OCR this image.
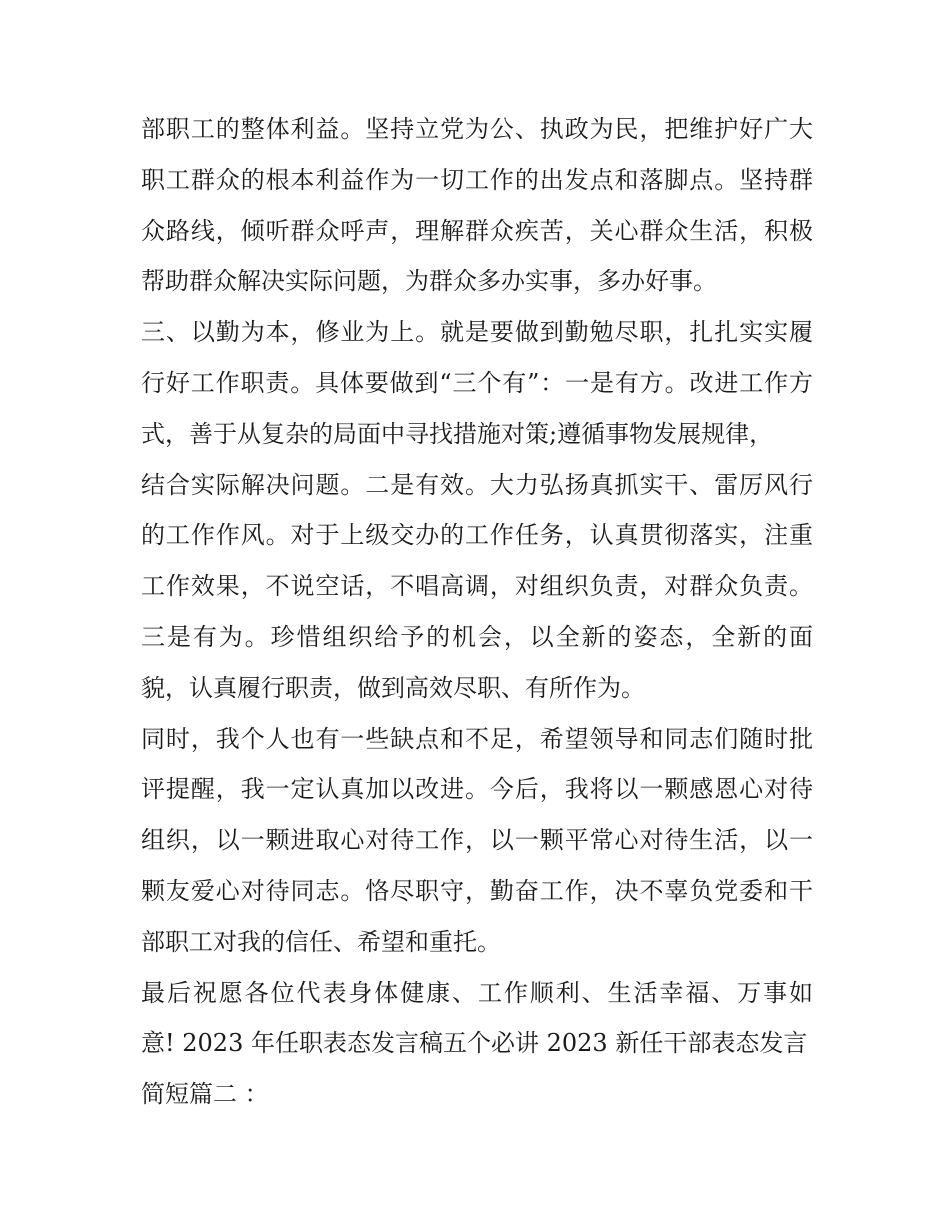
部职工的整体利益。坚持立党为公、执政为民，把维护好广大
职工群众的根本利益作为一切工作的出发点和落脚点。坚持群
众路线，倾听群众呼声，理解群众疾苦，关心群众生活，积极
帮助群众解决实际问题，为群众多办实事，多办好事。
三、以勤为本，修业为上。就是要做到勤勉尽职，扎扎实实履
行好工作职责。具体要做到“三个有”：一是有方。改进工作方
式，善于从复杂的局面中寻找措施对策;遵循事物发展规律，
结合实际解决问题。二是有效。大力弘扬真抓实干、雷厉风行
的工作作风。对于上级交办的工作任务，认真贯彻落实，注重
工作效果，不说空话，不唱高调，对组织负责，对群众负责。
三是有为。珍惜组织给予的机会，以全新的姿态，全新的面
貌，认真履行职责，做到高效尽职、有所作为。
同时，我个人也有一些缺点和不足，希望领导和同志们随时批
评提醒，我一定认真加以改进。今后，我将以一颗感恩心对待
组织，以一颗进取心对待工作，以一颗平常心对待生活，以一
颗友爱心对待同志。恪尽职守，勤奋工作，决不辜负党委和干
部职工对我的信任、希望和重托。
最后祝愿各位代表身体健康、工作顺利、生活幸福、万事如
意! 2023 年任职表态发言稿五个必讲 2023 新任干部表态发言
简短篇二 ：
